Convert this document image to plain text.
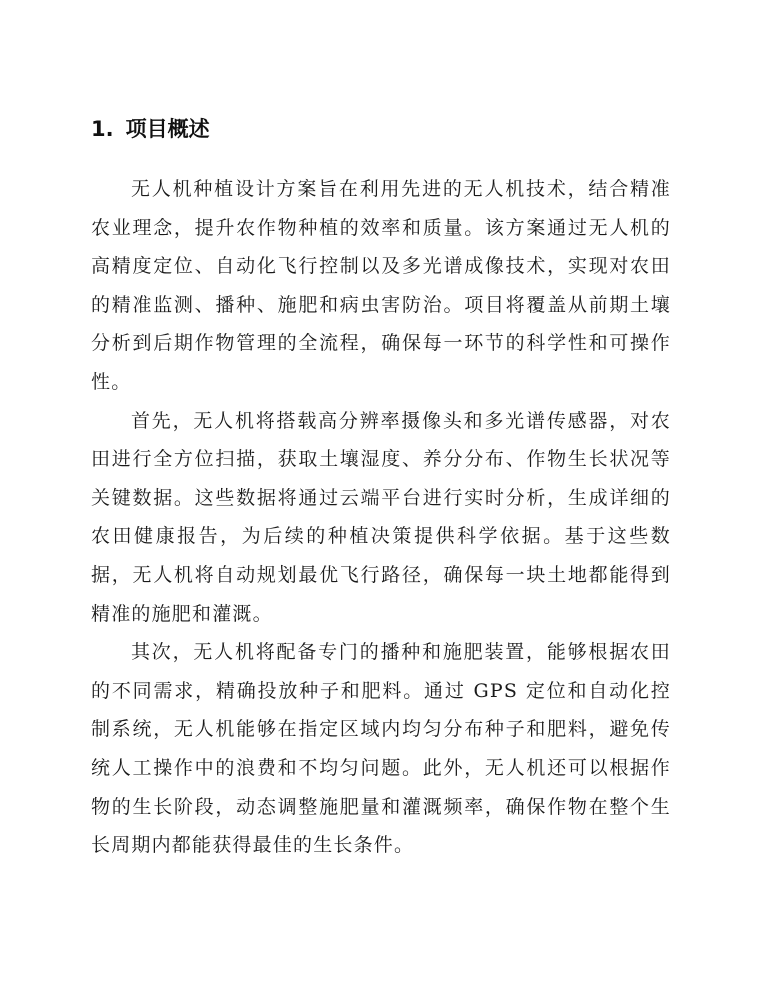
1. 项目概述

无人机种植设计方案旨在利用先进的无人机技术，结合精准农业理念，提升农作物种植的效率和质量。该方案通过无人机的高精度定位、自动化飞行控制以及多光谱成像技术，实现对农田的精准监测、播种、施肥和病虫害防治。项目将覆盖从前期土壤分析到后期作物管理的全流程，确保每一环节的科学性和可操作性。

首先，无人机将搭载高分辨率摄像头和多光谱传感器，对农田进行全方位扫描，获取土壤湿度、养分分布、作物生长状况等关键数据。这些数据将通过云端平台进行实时分析，生成详细的农田健康报告，为后续的种植决策提供科学依据。基于这些数据，无人机将自动规划最优飞行路径，确保每一块土地都能得到精准的施肥和灌溉。

其次，无人机将配备专门的播种和施肥装置，能够根据农田的不同需求，精确投放种子和肥料。通过 GPS 定位和自动化控制系统，无人机能够在指定区域内均匀分布种子和肥料，避免传统人工操作中的浪费和不均匀问题。此外，无人机还可以根据作物的生长阶段，动态调整施肥量和灌溉频率，确保作物在整个生长周期内都能获得最佳的生长条件。
